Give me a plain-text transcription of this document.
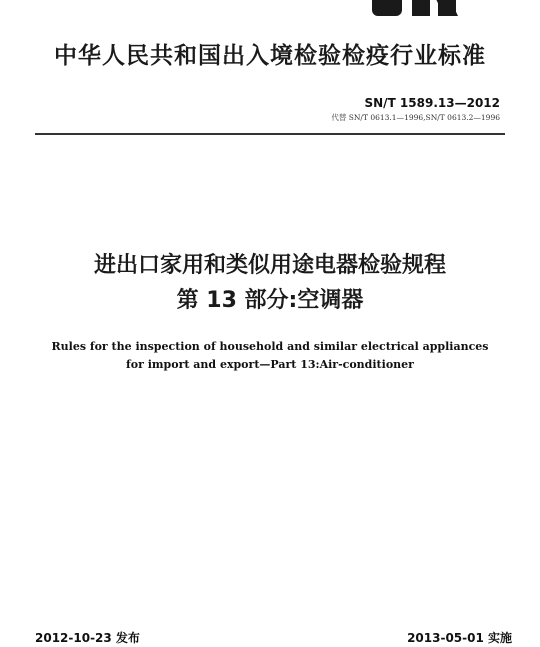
中华人民共和国出入境检验检疫行业标准
SN/T 1589.13—2012
代替 SN/T 0613.1—1996,SN/T 0613.2—1996
进出口家用和类似用途电器检验规程
第 13 部分:空调器
Rules for the inspection of household and similar electrical appliances
for import and export—Part 13:Air-conditioner
2012-10-23 发布	2013-05-01 实施
